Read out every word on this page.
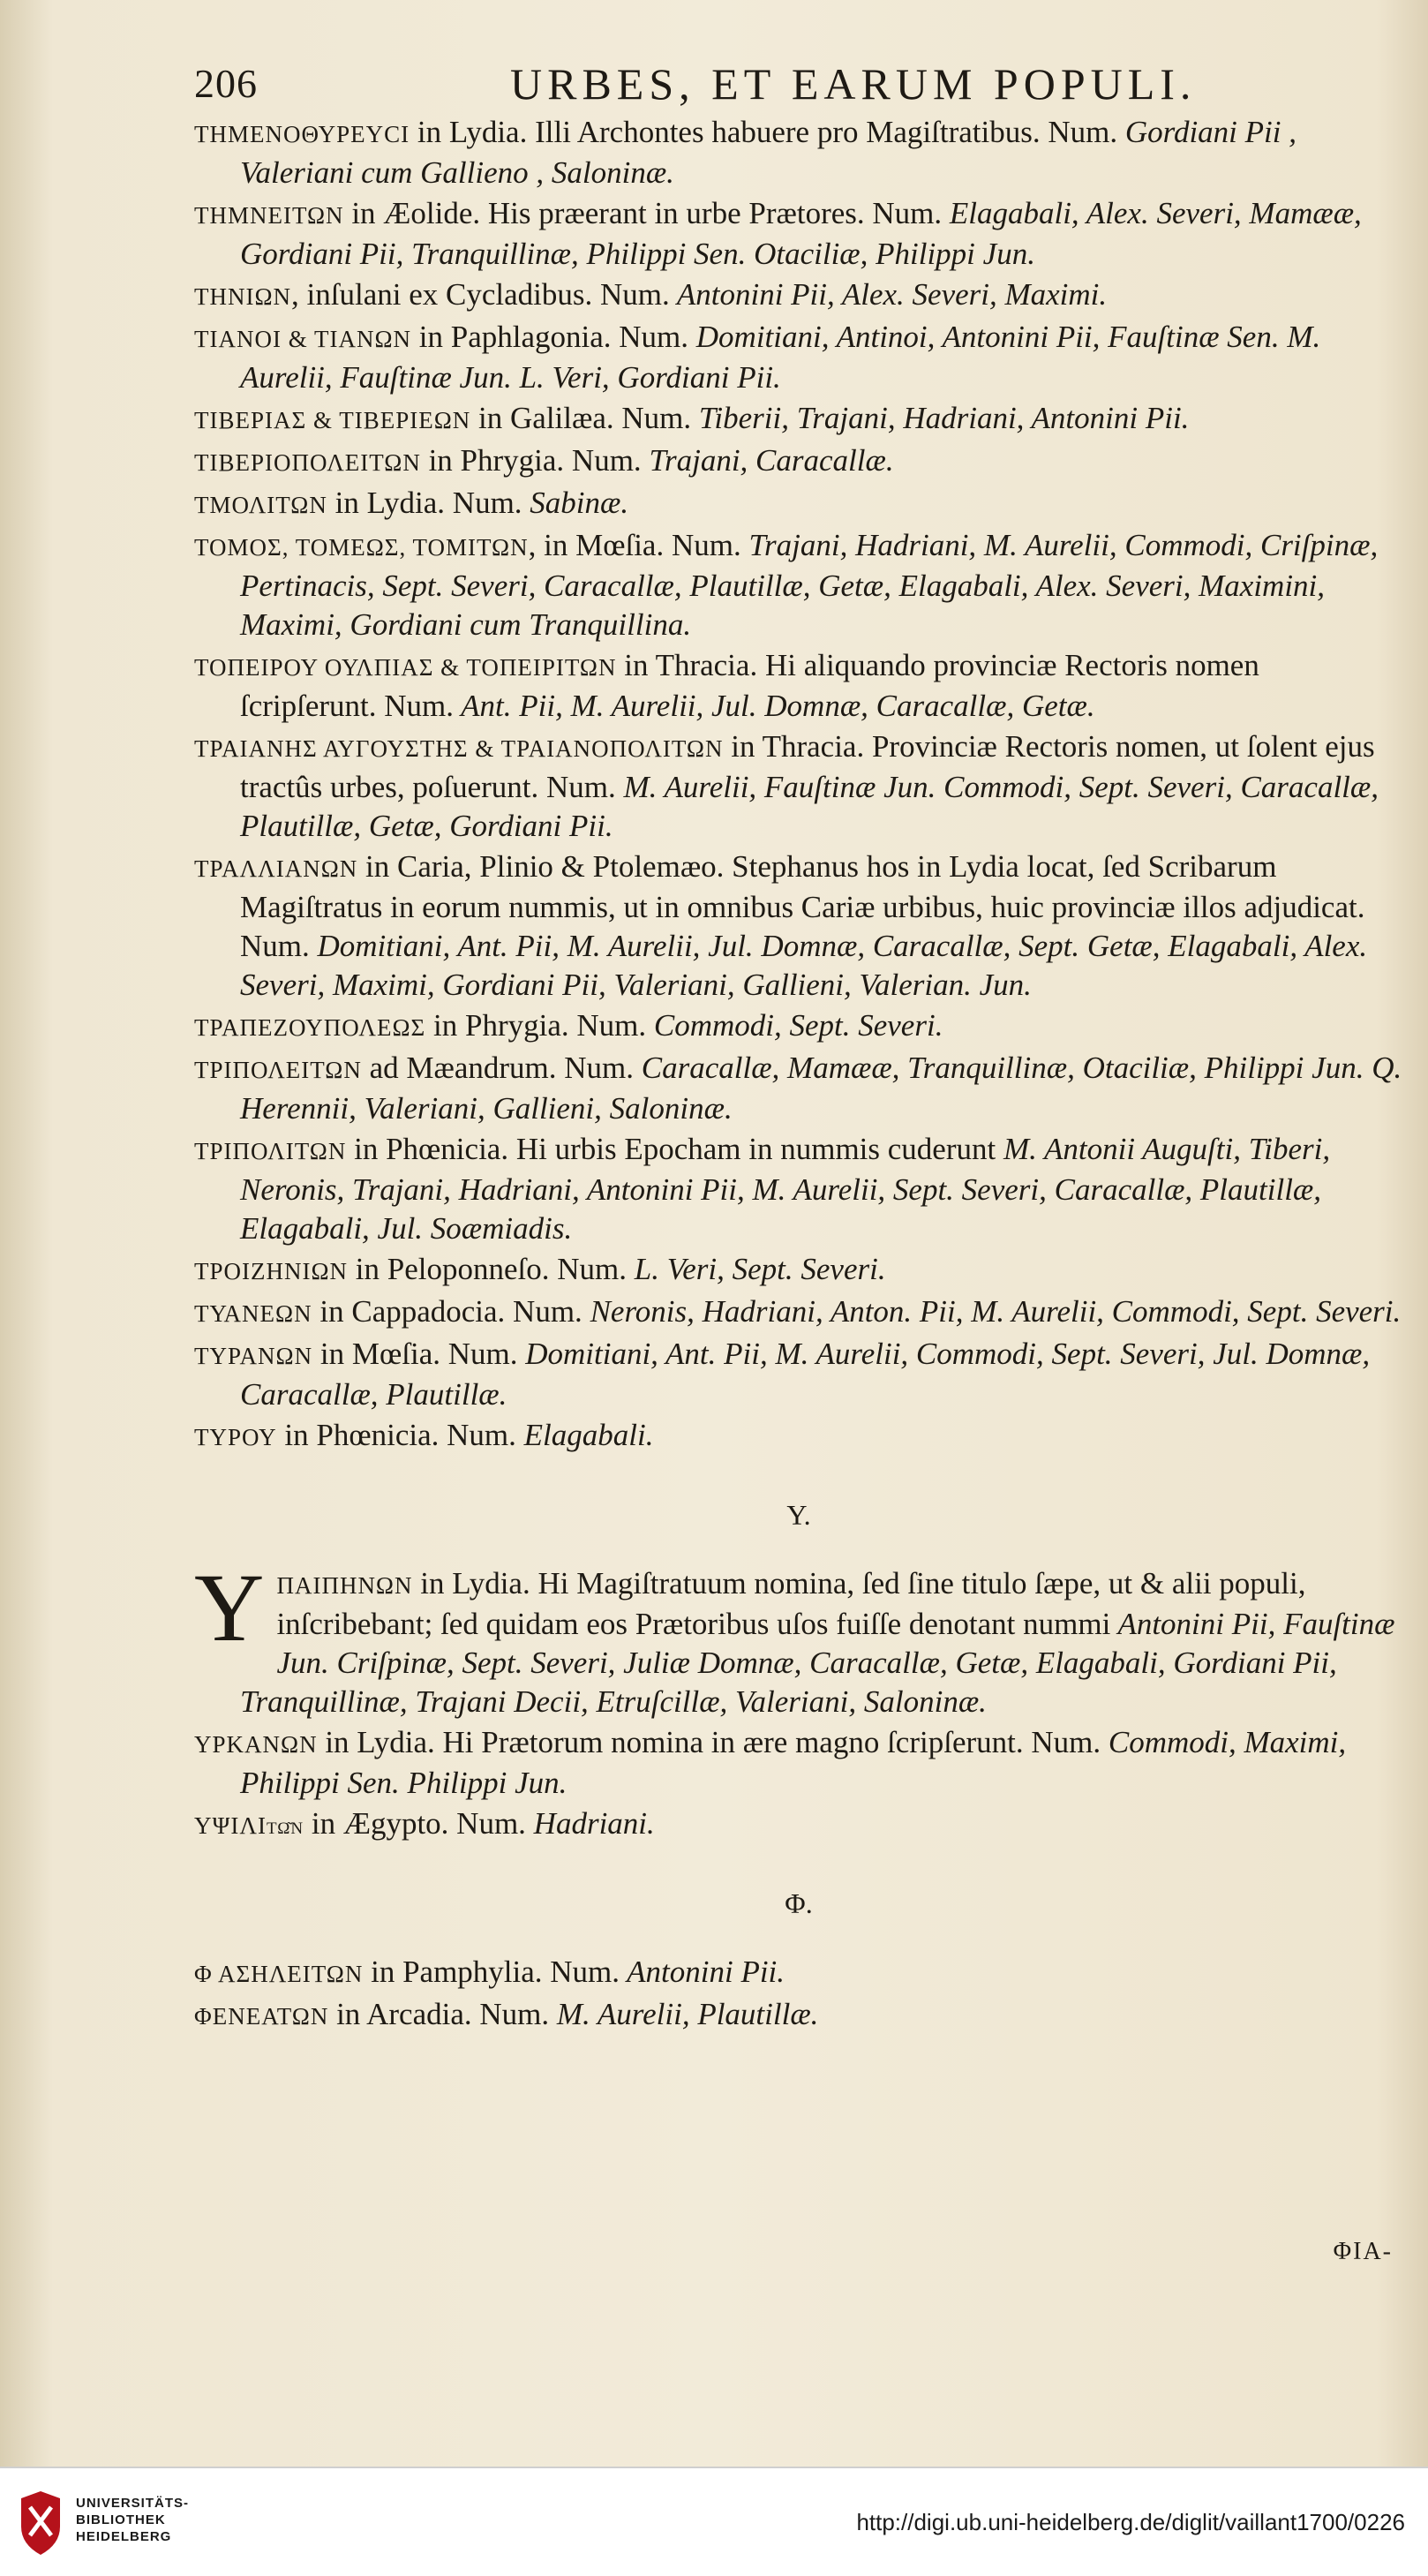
206	URBES, ET EARUM POPULI.

ΤΗΜΕΝΟΘΥΡΕΥCΙ in Lydia. Illi Archontes habuere pro Magiſtratibus. Num. Gordiani Pii , Valeriani cum Gallieno , Saloninæ.

ΤΗΜΝΕΙΤΩΝ in Æolide. His præerant in urbe Prætores. Num. Elagabali, Alex. Severi, Mamææ, Gordiani Pii, Tranquillinæ, Philippi Sen. Otaciliæ, Philippi Jun.

ΤΗΝΙΩΝ, inſulani ex Cycladibus. Num. Antonini Pii, Alex. Severi, Maximi.

ΤΙΑΝΟΙ & ΤΙΑΝΩΝ in Paphlagonia. Num. Domitiani, Antinoi, Antonini Pii, Fauſtinæ Sen. M. Aurelii, Fauſtinæ Jun. L. Veri, Gordiani Pii.

ΤΙΒΕΡΙΑΣ & ΤΙΒΕΡΙΕΩΝ in Galilæa. Num. Tiberii, Trajani, Hadriani, Antonini Pii.

ΤΙΒΕΡΙΟΠΟΛΕΙΤΩΝ in Phrygia. Num. Trajani, Caracallæ.

ΤΜΟΛΙΤΩΝ in Lydia. Num. Sabinæ.

ΤΟΜΟΣ, ΤΟΜΕΩΣ, ΤΟΜΙΤΩΝ, in Mœſia. Num. Trajani, Hadriani, M. Aurelii, Commodi, Criſpinæ, Pertinacis, Sept. Severi, Caracallæ, Plautillæ, Getæ, Elagabali, Alex. Severi, Maximini, Maximi, Gordiani cum Tranquillina.

ΤΟΠΕΙΡΟΥ ΟΥΛΠΙΑΣ & ΤΟΠΕΙΡΙΤΩΝ in Thracia. Hi aliquando provinciæ Rectoris nomen ſcripſerunt. Num. Ant. Pii, M. Aurelii, Jul. Domnæ, Caracallæ, Getæ.

ΤΡΑΙΑΝΗΣ ΑΥΓΟΥΣΤΗΣ & ΤΡΑΙΑΝΟΠΟΛΙΤΩΝ in Thracia. Provinciæ Rectoris nomen, ut ſolent ejus tractûs urbes, poſuerunt. Num. M. Aurelii, Fauſtinæ Jun. Commodi, Sept. Severi, Caracallæ, Plautillæ, Getæ, Gordiani Pii.

ΤΡΑΛΛΙΑΝΩΝ in Caria, Plinio & Ptolemæo. Stephanus hos in Lydia locat, ſed Scribarum Magiſtratus in eorum nummis, ut in omnibus Cariæ urbibus, huic provinciæ illos adjudicat. Num. Domitiani, Ant. Pii, M. Aurelii, Jul. Domnæ, Caracallæ, Sept. Getæ, Elagabali, Alex. Severi, Maximi, Gordiani Pii, Valeriani, Gallieni, Valerian. Jun.

ΤΡΑΠΕΖΟΥΠΟΛΕΩΣ in Phrygia. Num. Commodi, Sept. Severi.

ΤΡΙΠΟΛΕΙΤΩΝ ad Mæandrum. Num. Caracallæ, Mamææ, Tranquillinæ, Otaciliæ, Philippi Jun. Q. Herennii, Valeriani, Gallieni, Saloninæ.

ΤΡΙΠΟΛΙΤΩΝ in Phœnicia. Hi urbis Epocham in nummis cuderunt M. Antonii Auguſti, Tiberi, Neronis, Trajani, Hadriani, Antonini Pii, M. Aurelii, Sept. Severi, Caracallæ, Plautillæ, Elagabali, Jul. Soæmiadis.

ΤΡΟΙΖΗΝΙΩΝ in Peloponneſo. Num. L. Veri, Sept. Severi.

ΤΥΑΝΕΩΝ in Cappadocia. Num. Neronis, Hadriani, Anton. Pii, M. Aurelii, Commodi, Sept. Severi.

ΤΥΡΑΝΩΝ in Mœſia. Num. Domitiani, Ant. Pii, M. Aurelii, Commodi, Sept. Severi, Jul. Domnæ, Caracallæ, Plautillæ.

ΤΥΡΟΥ in Phœnicia. Num. Elagabali.

Υ.

Υ ΠΑΙΠΗΝΩΝ in Lydia. Hi Magiſtratuum nomina, ſed ſine titulo ſæpe, ut & alii populi, inſcribebant; ſed quidam eos Prætoribus uſos fuiſſe denotant nummi Antonini Pii, Fauſtinæ Jun. Criſpinæ, Sept. Severi, Juliæ Domnæ, Caracallæ, Getæ, Elagabali, Gordiani Pii, Tranquillinæ, Trajani Decii, Etruſcillæ, Valeriani, Saloninæ.

ΥΡΚΑΝΩΝ in Lydia. Hi Prætorum nomina in ære magno ſcripſerunt. Num. Commodi, Maximi, Philippi Sen. Philippi Jun.

ΥΨΙΛΙτῶν in Ægypto. Num. Hadriani.

Φ.

Φ ΑΣΗΛΕΙΤΩΝ in Pamphylia. Num. Antonini Pii.

ΦΕΝΕΑΤΩΝ in Arcadia. Num. M. Aurelii, Plautillæ.

ΦΙΑ-
UNIVERSITÄTS-
BIBLIOTHEK
HEIDELBERG
http://digi.ub.uni-heidelberg.de/diglit/vaillant1700/0226
